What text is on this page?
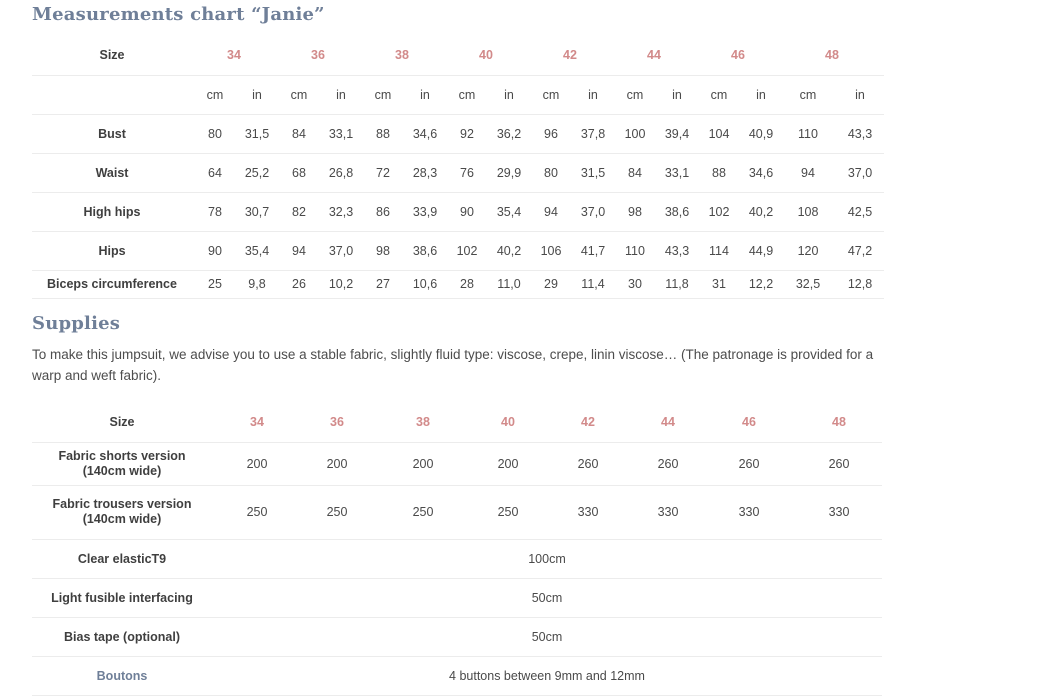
Measurements chart “Janie”
Size	34		36		38		40		42		44		46		48	
	cm	in	cm	in	cm	in	cm	in	cm	in	cm	in	cm	in	cm	in
Bust	80	31,5	84	33,1	88	34,6	92	36,2	96	37,8	100	39,4	104	40,9	110	43,3
Waist	64	25,2	68	26,8	72	28,3	76	29,9	80	31,5	84	33,1	88	34,6	94	37,0
High hips	78	30,7	82	32,3	86	33,9	90	35,4	94	37,0	98	38,6	102	40,2	108	42,5
Hips	90	35,4	94	37,0	98	38,6	102	40,2	106	41,7	110	43,3	114	44,9	120	47,2
Biceps circumference	25	9,8	26	10,2	27	10,6	28	11,0	29	11,4	30	11,8	31	12,2	32,5	12,8
Supplies

To make this jumpsuit, we advise you to use a stable fabric, slightly fluid type: viscose, crepe, linin viscose… (The patronage is provided for a warp and weft fabric).

Size	34	36	38	40	42	44	46	48
Fabric shorts version (140cm wide)	200	200	200	200	260	260	260	260
Fabric trousers version (140cm wide)	250	250	250	250	330	330	330	330
Clear elasticT9	100cm							
Light fusible interfacing	50cm							
Bias tape (optional)	50cm							
Boutons	4 buttons between 9mm and 12mm							
